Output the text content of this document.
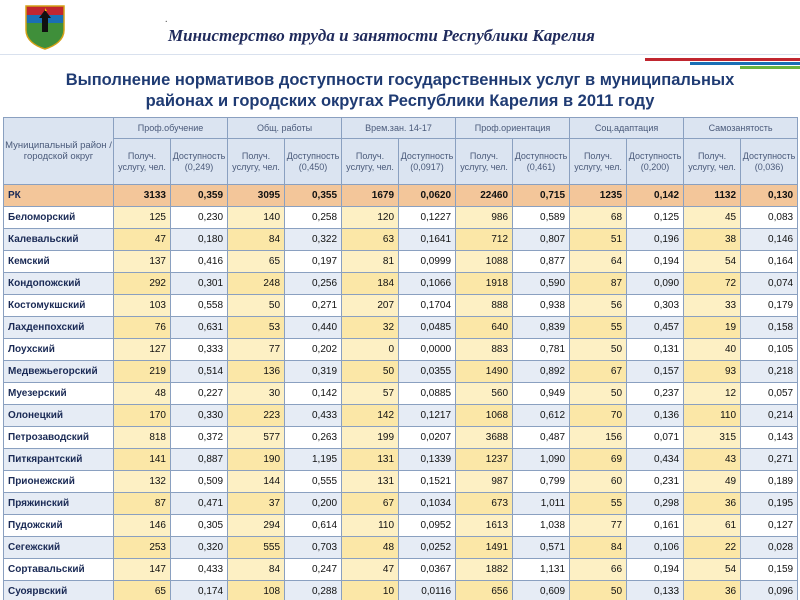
.
Министерство труда и занятости Республики Карелия
Выполнение нормативов доступности государственных услуг в муниципальных
районах и городских округах Республики Карелия в 2011 году
Муниципальный район / городской округ	Проф.обучение		Общ. работы		Врем.зан. 14-17		Проф.ориентация		Соц.адаптация		Самозанятость	
	Получ. услугу, чел.	Доступность (0,249)	Получ. услугу, чел.	Доступность (0,450)	Получ. услугу, чел.	Доступность (0,0917)	Получ. услугу, чел.	Доступность (0,461)	Получ. услугу, чел.	Доступность (0,200)	Получ. услугу, чел.	Доступность (0,036)
РК	3133	0,359	3095	0,355	1679	0,0620	22460	0,715	1235	0,142	1132	0,130
Беломорский	125	0,230	140	0,258	120	0,1227	986	0,589	68	0,125	45	0,083
Калевальский	47	0,180	84	0,322	63	0,1641	712	0,807	51	0,196	38	0,146
Кемский	137	0,416	65	0,197	81	0,0999	1088	0,877	64	0,194	54	0,164
Кондопожский	292	0,301	248	0,256	184	0,1066	1918	0,590	87	0,090	72	0,074
Костомукшский	103	0,558	50	0,271	207	0,1704	888	0,938	56	0,303	33	0,179
Лахденпохский	76	0,631	53	0,440	32	0,0485	640	0,839	55	0,457	19	0,158
Лоухский	127	0,333	77	0,202	0	0,0000	883	0,781	50	0,131	40	0,105
Медвежьегорский	219	0,514	136	0,319	50	0,0355	1490	0,892	67	0,157	93	0,218
Муезерский	48	0,227	30	0,142	57	0,0885	560	0,949	50	0,237	12	0,057
Олонецкий	170	0,330	223	0,433	142	0,1217	1068	0,612	70	0,136	110	0,214
Петрозаводский	818	0,372	577	0,263	199	0,0207	3688	0,487	156	0,071	315	0,143
Питкярантский	141	0,887	190	1,195	131	0,1339	1237	1,090	69	0,434	43	0,271
Прионежский	132	0,509	144	0,555	131	0,1521	987	0,799	60	0,231	49	0,189
Пряжинский	87	0,471	37	0,200	67	0,1034	673	1,011	55	0,298	36	0,195
Пудожский	146	0,305	294	0,614	110	0,0952	1613	1,038	77	0,161	61	0,127
Сегежский	253	0,320	555	0,703	48	0,0252	1491	0,571	84	0,106	22	0,028
Сортавальский	147	0,433	84	0,247	47	0,0367	1882	1,131	66	0,194	54	0,159
Суоярвский	65	0,174	108	0,288	10	0,0116	656	0,609	50	0,133	36	0,096
